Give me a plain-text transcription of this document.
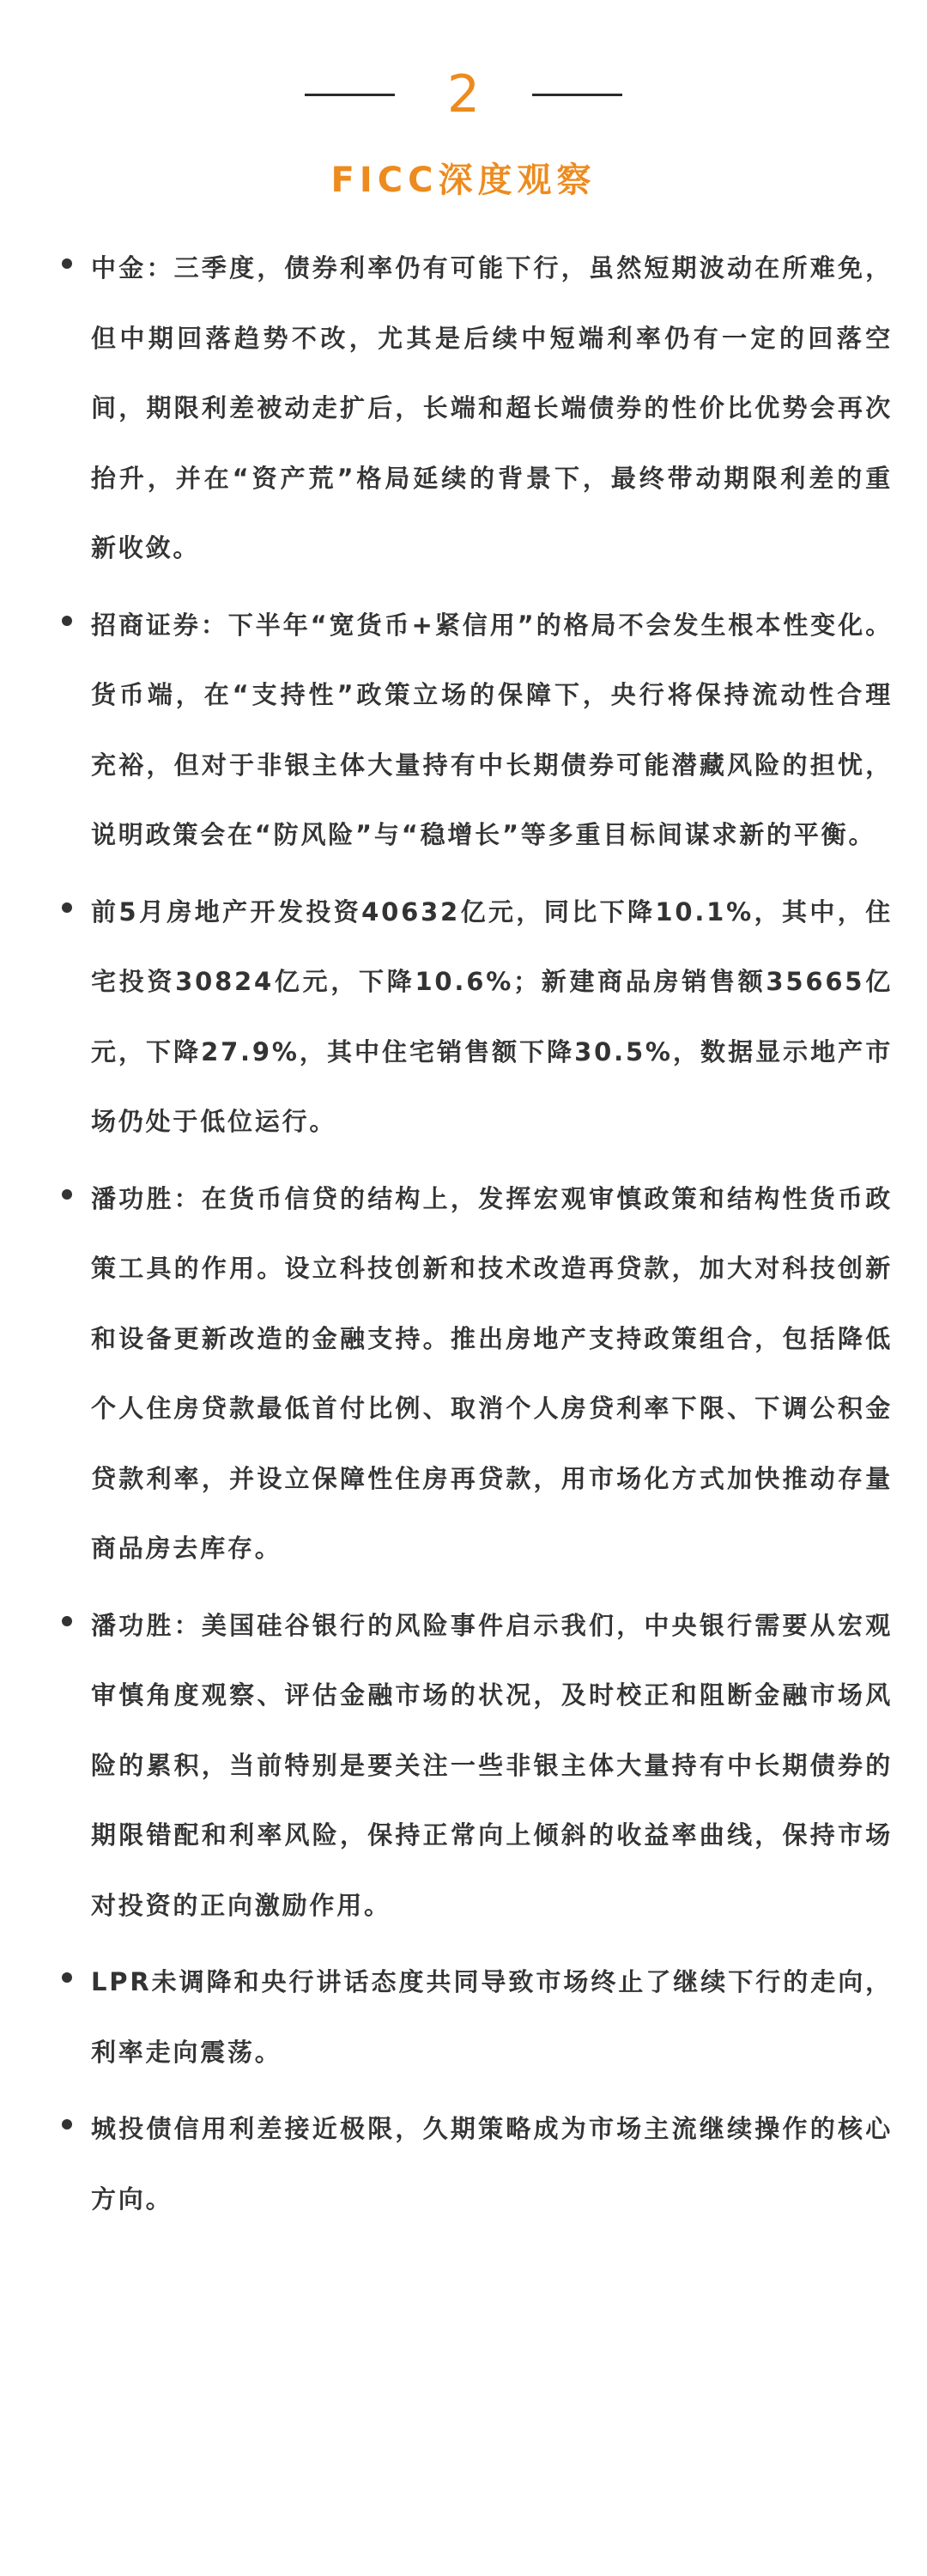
2
FICC深度观察
中金：三季度，债券利率仍有可能下行，虽然短期波动在所难免，但中期回落趋势不改，尤其是后续中短端利率仍有一定的回落空间，期限利差被动走扩后，长端和超长端债券的性价比优势会再次抬升，并在“资产荒”格局延续的背景下，最终带动期限利差的重新收敛。
招商证券：下半年“宽货币+紧信用”的格局不会发生根本性变化。货币端，在“支持性”政策立场的保障下，央行将保持流动性合理充裕，但对于非银主体大量持有中长期债券可能潜藏风险的担忧，说明政策会在“防风险”与“稳增长”等多重目标间谋求新的平衡。
前5月房地产开发投资40632亿元，同比下降10.1%，其中，住宅投资30824亿元，下降10.6%；新建商品房销售额35665亿元，下降27.9%，其中住宅销售额下降30.5%，数据显示地产市场仍处于低位运行。
潘功胜：在货币信贷的结构上，发挥宏观审慎政策和结构性货币政策工具的作用。设立科技创新和技术改造再贷款，加大对科技创新和设备更新改造的金融支持。推出房地产支持政策组合，包括降低个人住房贷款最低首付比例、取消个人房贷利率下限、下调公积金贷款利率，并设立保障性住房再贷款，用市场化方式加快推动存量商品房去库存。
潘功胜：美国硅谷银行的风险事件启示我们，中央银行需要从宏观审慎角度观察、评估金融市场的状况，及时校正和阻断金融市场风险的累积，当前特别是要关注一些非银主体大量持有中长期债券的期限错配和利率风险，保持正常向上倾斜的收益率曲线，保持市场对投资的正向激励作用。
LPR未调降和央行讲话态度共同导致市场终止了继续下行的走向，利率走向震荡。
城投债信用利差接近极限，久期策略成为市场主流继续操作的核心方向。
